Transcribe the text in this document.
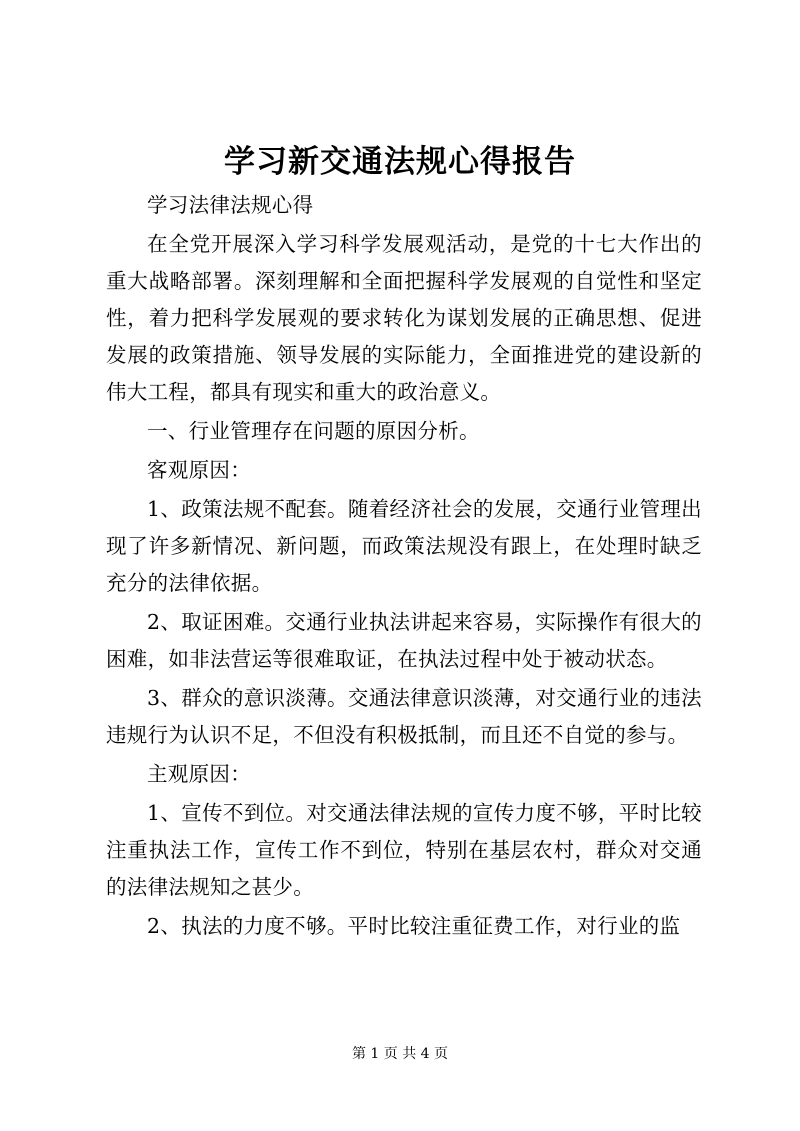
学习新交通法规心得报告

学习法律法规心得

在全党开展深入学习科学发展观活动，是党的十七大作出的重大战略部署。深刻理解和全面把握科学发展观的自觉性和坚定性，着力把科学发展观的要求转化为谋划发展的正确思想、促进发展的政策措施、领导发展的实际能力，全面推进党的建设新的伟大工程，都具有现实和重大的政治意义。

一、行业管理存在问题的原因分析。

客观原因：

1、政策法规不配套。随着经济社会的发展，交通行业管理出现了许多新情况、新问题，而政策法规没有跟上，在处理时缺乏充分的法律依据。

2、取证困难。交通行业执法讲起来容易，实际操作有很大的困难，如非法营运等很难取证，在执法过程中处于被动状态。

3、群众的意识淡薄。交通法律意识淡薄，对交通行业的违法违规行为认识不足，不但没有积极抵制，而且还不自觉的参与。

主观原因：

1、宣传不到位。对交通法律法规的宣传力度不够，平时比较注重执法工作，宣传工作不到位，特别在基层农村，群众对交通的法律法规知之甚少。

2、执法的力度不够。平时比较注重征费工作，对行业的监

第 1 页 共 4 页
